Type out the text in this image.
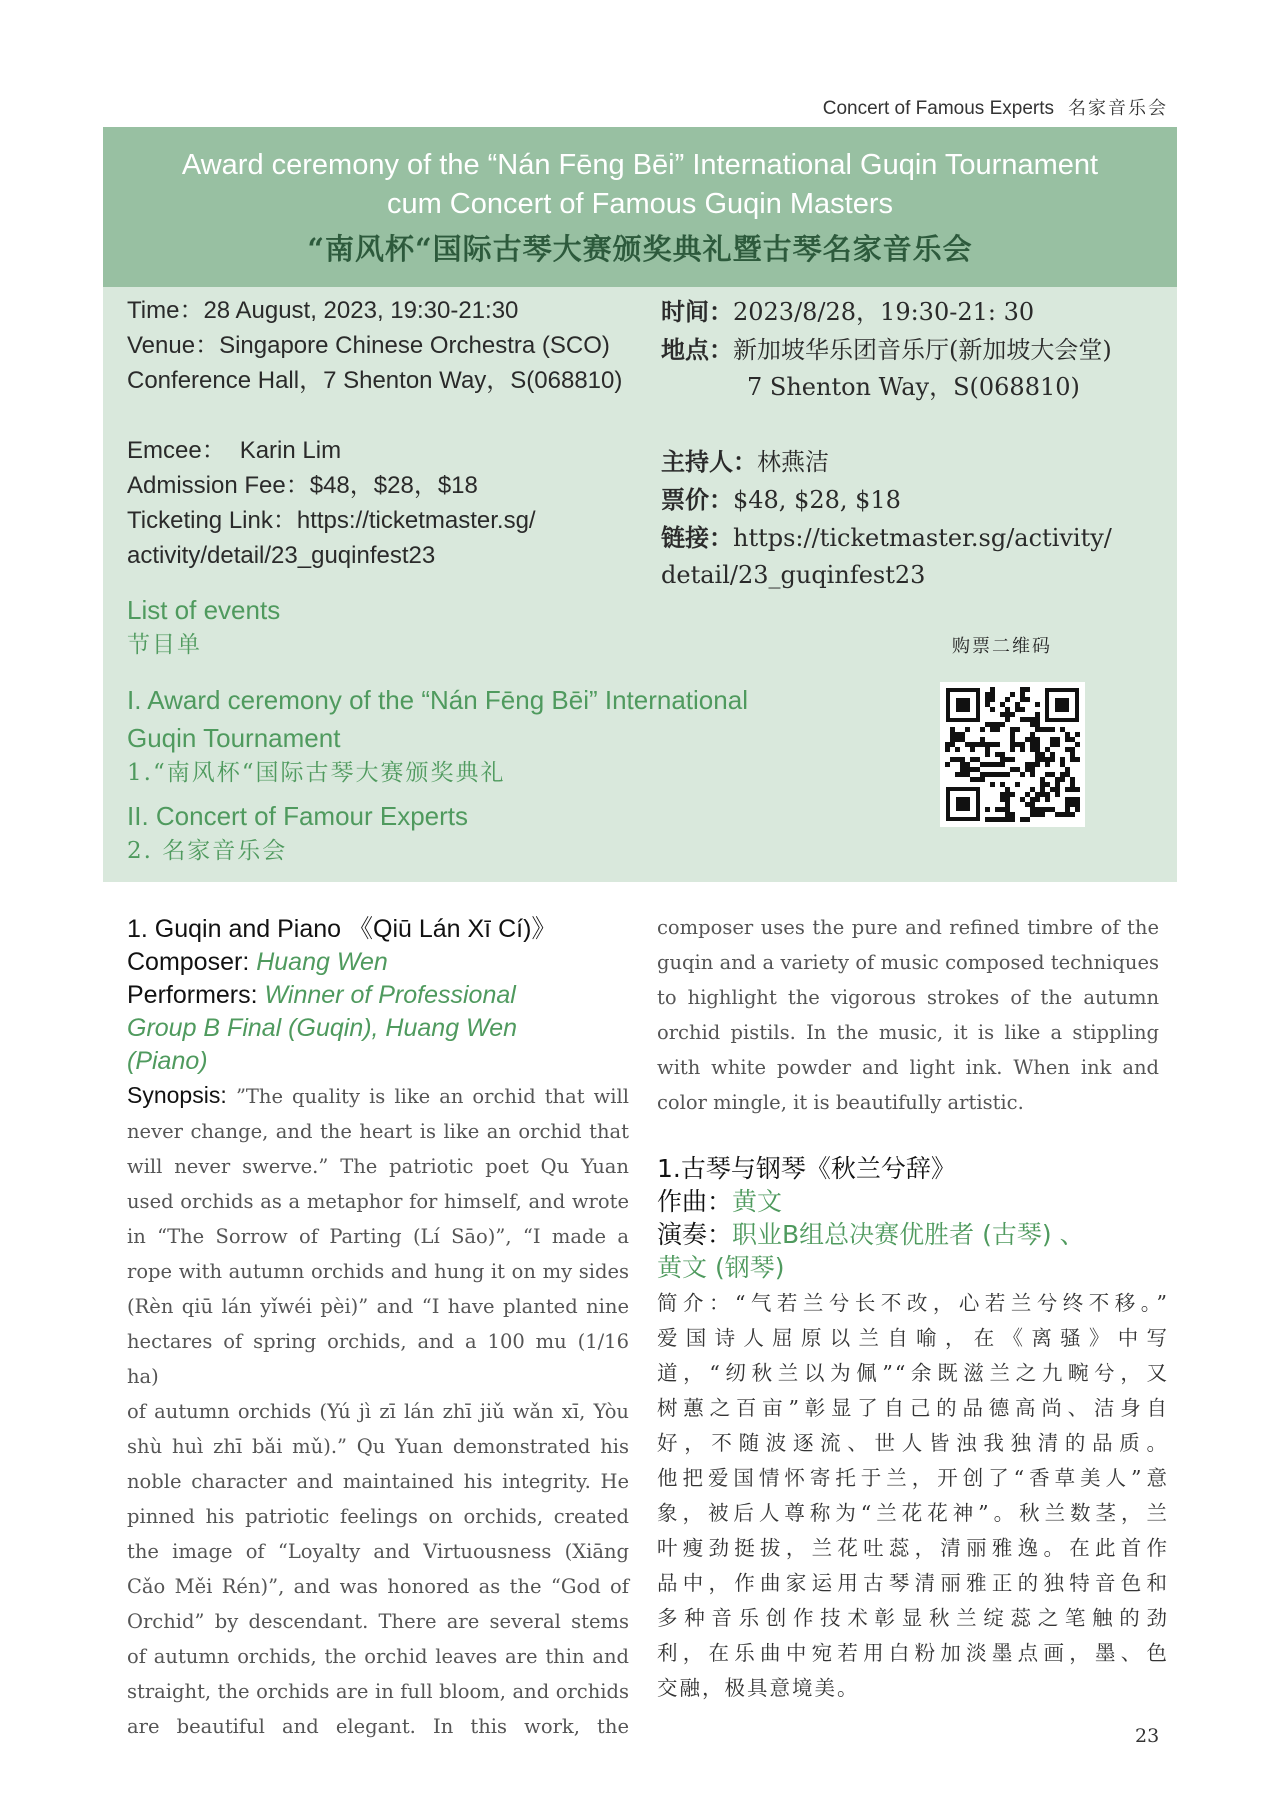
Concert of Famous Experts 名家音乐会
Award ceremony of the “Nán Fēng Bēi” International Guqin Tournament
cum Concert of Famous Guqin Masters
“南风杯“国际古琴大赛颁奖典礼暨古琴名家音乐会
Time：28 August, 2023, 19:30-21:30
Venue：Singapore Chinese Orchestra (SCO)
Conference Hall，7 Shenton Way，S(068810)
Emcee： Karin Lim
Admission Fee：$48，$28，$18
Ticketing Link：https://ticketmaster.sg/
activity/detail/23_guqinfest23
时间：2023/8/28，19:30-21: 30
地点：新加坡华乐团音乐厅(新加坡大会堂)
7 Shenton Way，S(068810)
主持人：林燕洁
票价：$48, $28, $18
链接：https://ticketmaster.sg/activity/
detail/23_guqinfest23
List of events
节目单
I. Award ceremony of the “Nán Fēng Bēi” International
Guqin Tournament
1.“南风杯“国际古琴大赛颁奖典礼
II. Concert of Famour Experts
2. 名家音乐会
购票二维码
1. Guqin and Piano 《Qiū Lán Xī Cí)》
Composer: Huang Wen
Performers: Winner of Professional
Group B Final (Guqin), Huang Wen
(Piano)
Synopsis: ”The quality is like an orchid that will
never change, and the heart is like an orchid that
will never swerve.” The patriotic poet Qu Yuan
used orchids as a metaphor for himself, and wrote
in “The Sorrow of Parting (Lí Sāo)”, “I made a
rope with autumn orchids and hung it on my sides
(Rèn qiū lán yǐwéi pèi)” and “I have planted nine
hectares of spring orchids, and a 100 mu (1/16 ha)
of autumn orchids (Yú jì zī lán zhī jiǔ wǎn xī, Yòu
shù huì zhī bǎi mǔ).” Qu Yuan demonstrated his
noble character and maintained his integrity. He
pinned his patriotic feelings on orchids, created
the image of “Loyalty and Virtuousness (Xiāng
Cǎo Měi Rén)”, and was honored as the “God of
Orchid” by descendant. There are several stems
of autumn orchids, the orchid leaves are thin and
straight, the orchids are in full bloom, and orchids
are beautiful and elegant. In this work, the
composer uses the pure and refined timbre of the
guqin and a variety of music composed techniques
to highlight the vigorous strokes of the autumn
orchid pistils. In the music, it is like a stippling
with white powder and light ink. When ink and
color mingle, it is beautifully artistic.
1.古琴与钢琴《秋兰兮辞》
作曲：黄文
演奏：职业B组总决赛优胜者 (古琴) 、
黄文 (钢琴)
简介：“气若兰兮长不改，心若兰兮终不移。”
爱国诗人屈原以兰自喻，在《离骚》中写
道，“纫秋兰以为佩”“余既滋兰之九畹兮，又
树蕙之百亩”彰显了自己的品德高尚、洁身自
好，不随波逐流、世人皆浊我独清的品质。
他把爱国情怀寄托于兰，开创了“香草美人”意
象，被后人尊称为“兰花花神”。秋兰数茎，兰
叶瘦劲挺拔，兰花吐蕊，清丽雅逸。在此首作
品中，作曲家运用古琴清丽雅正的独特音色和
多种音乐创作技术彰显秋兰绽蕊之笔触的劲
利，在乐曲中宛若用白粉加淡墨点画，墨、色
交融，极具意境美。
23
